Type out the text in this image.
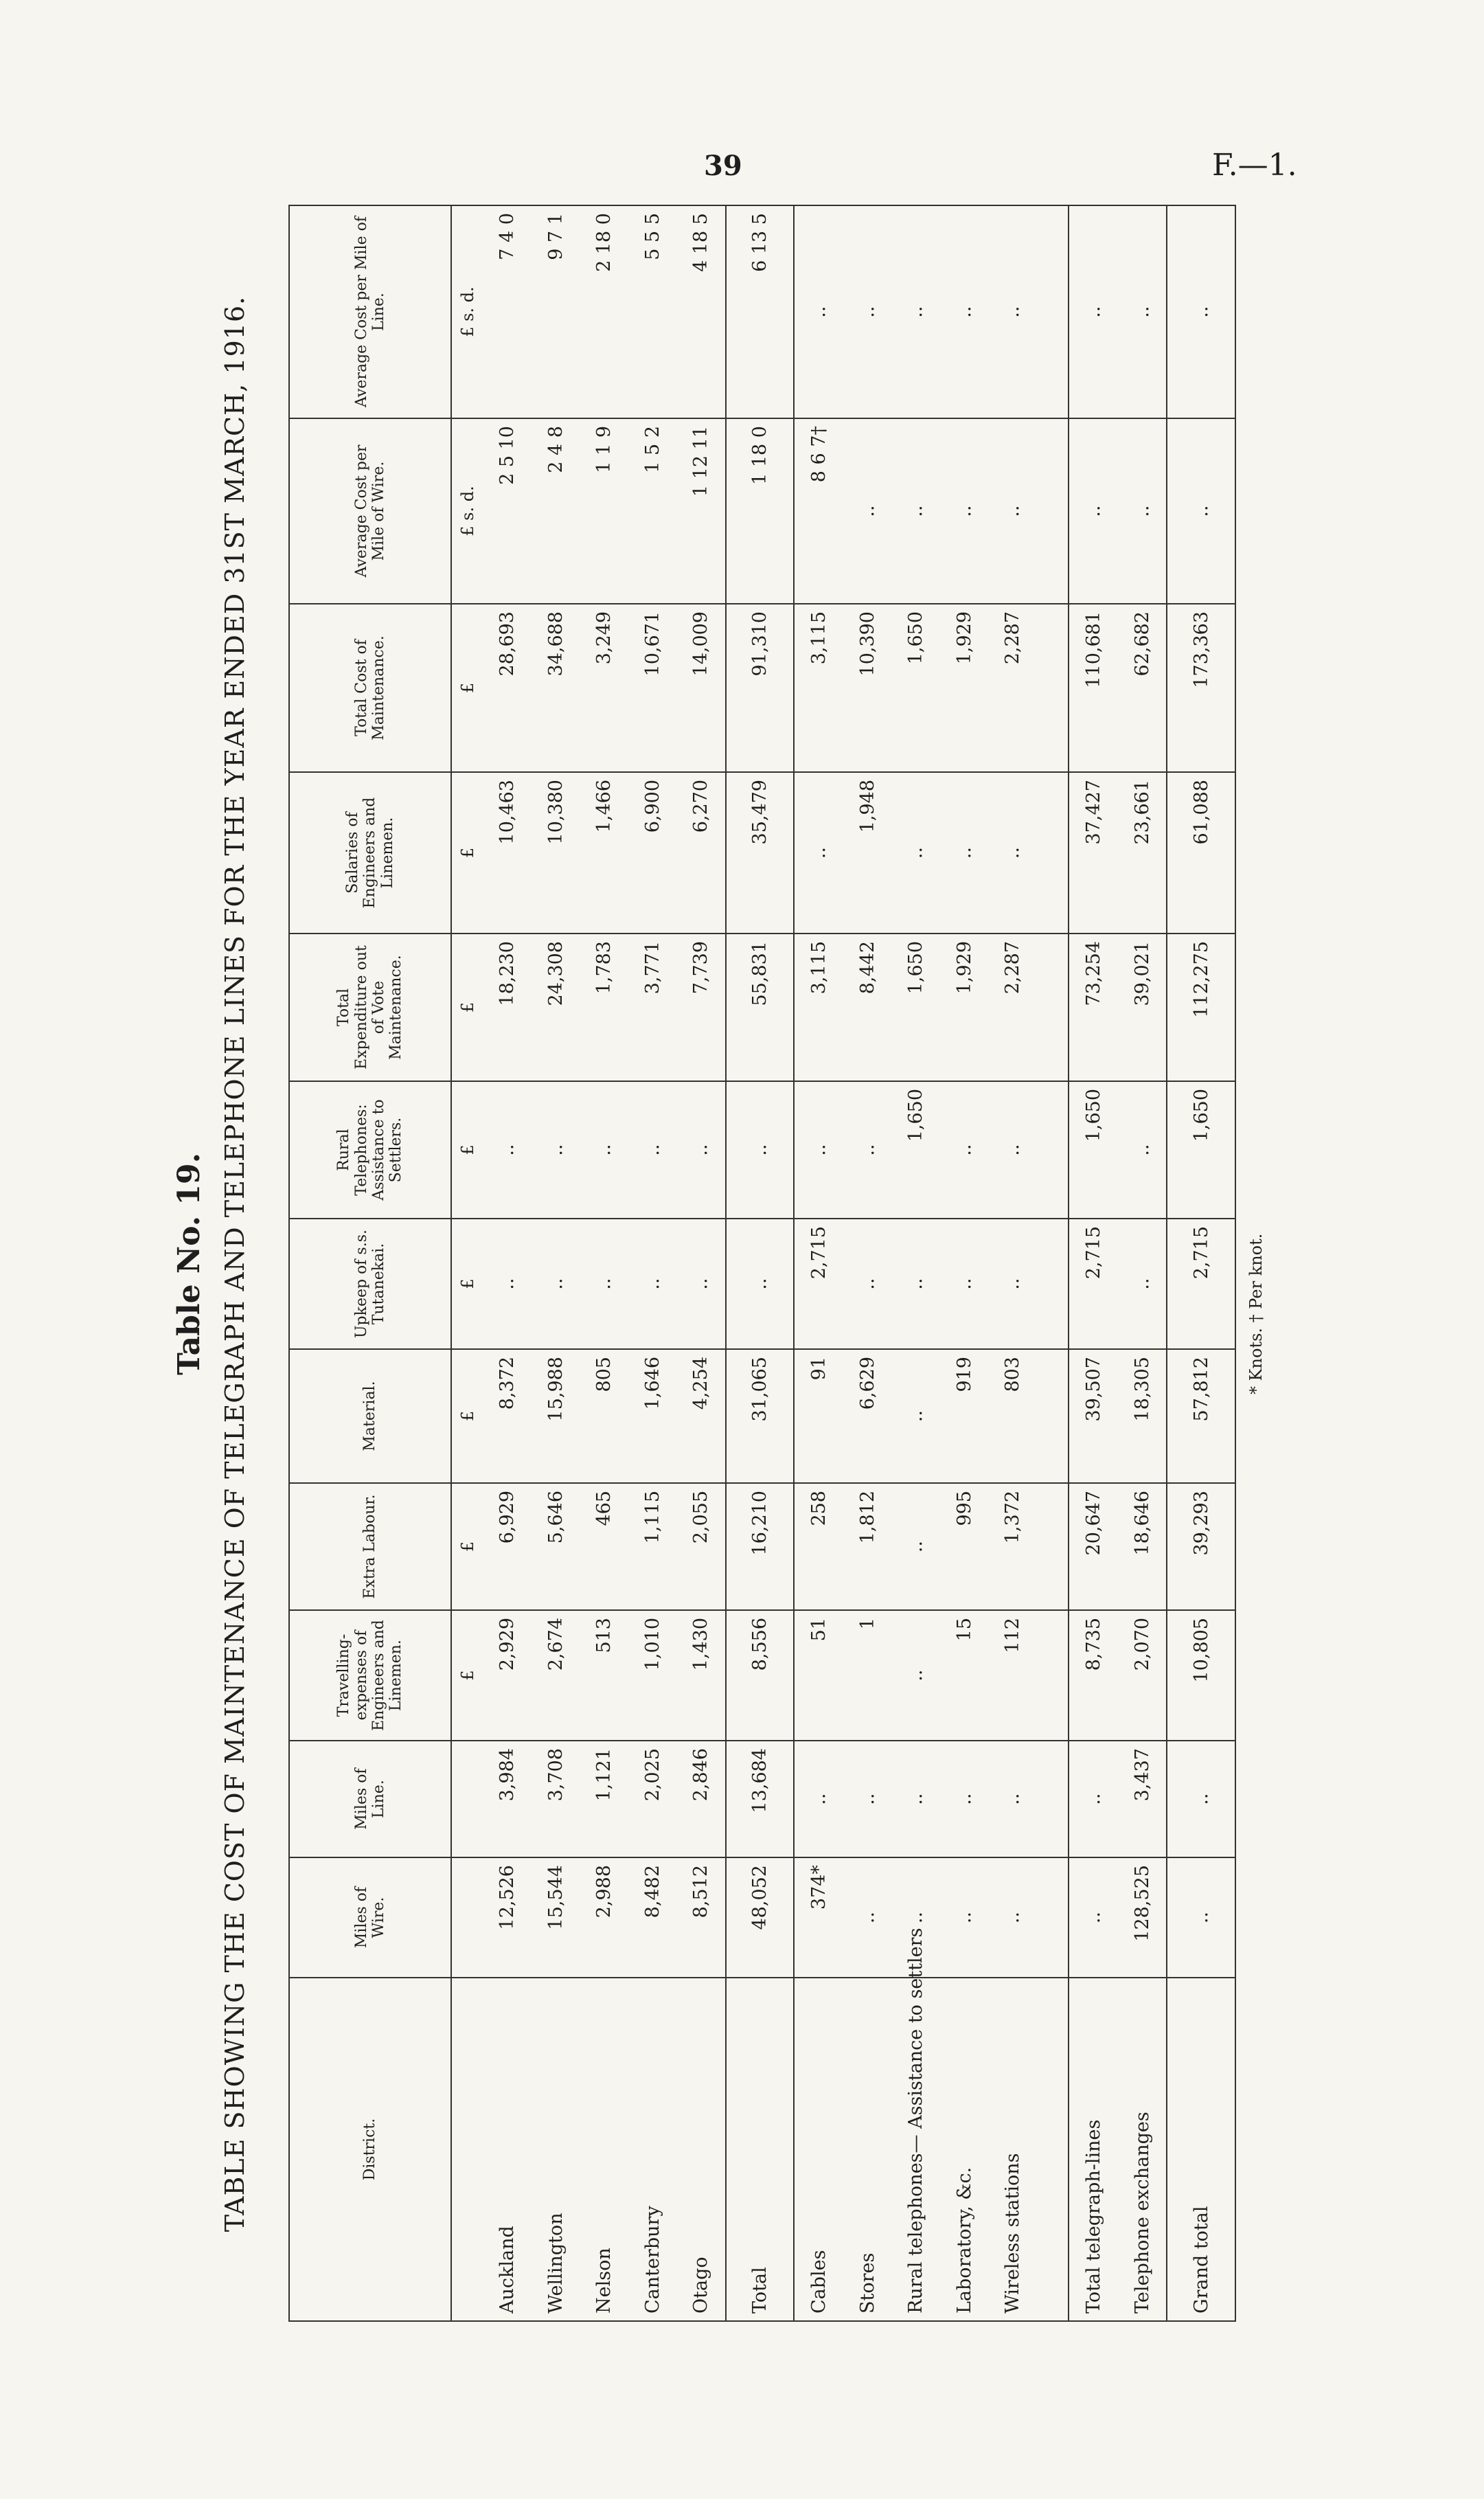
39	F.—1.
Table No. 19. TABLE SHOWING THE COST OF MAINTENANCE OF TELEGRAPH AND TELEPHONE LINES FOR THE YEAR ENDED 31ST MARCH, 1916.	District.	Miles of Wire.	Miles of Line.	Travelling-expenses of Engineers and Linemen.	Extra Labour.	Material.	Upkeep of s.s. Tutanekai.	Rural Telephones: Assistance to Settlers.	Total Expenditure out of Vote Maintenance.	Salaries of Engineers and Linemen.	Total Cost of Maintenance.	Average Cost per Mile of Wire.	Average Cost per Mile of Line.
			£	£	£	£	£	£	£	£	£ s. d.	£ s. d.
Auckland	12,526	3,984	2,929	6,929	8,372	..	..	18,230	10,463	28,693	2 5 10	7 4 0
Wellington	15,544	3,708	2,674	5,646	15,988	..	..	24,308	10,380	34,688	2 4 8	9 7 1
Nelson	2,988	1,121	513	465	805	..	..	1,783	1,466	3,249	1 1 9	2 18 0
Canterbury	8,482	2,025	1,010	1,115	1,646	..	..	3,771	6,900	10,671	1 5 2	5 5 5
Otago	8,512	2,846	1,430	2,055	4,254	..	..	7,739	6,270	14,009	1 12 11	4 18 5
Total	48,052	13,684	8,556	16,210	31,065	..	..	55,831	35,479	91,310	1 18 0	6 13 5
Cables	374*	..	51	258	91	2,715	..	3,115	..	3,115	8 6 7†	..
Stores	..	..	1	1,812	6,629	..	..	8,442	1,948	10,390	..	..
Rural telephones— Assistance to settlers	..	..	..	..	..	..	1,650	1,650	..	1,650	..	..
Laboratory, &c.	..	..	15	995	919	..	..	1,929	..	1,929	..	..
Wireless stations	..	..	112	1,372	803	..	..	2,287	..	2,287	..	..

Total telegraph-lines	..	..	8,735	20,647	39,507	2,715	1,650	73,254	37,427	110,681	..	..
Telephone exchanges	128,525	3,437	2,070	18,646	18,305	..	..	39,021	23,661	62,682	..	..
Grand total	..	..	10,805	39,293	57,812	2,715	1,650	112,275	61,088	173,363	..	..
* Knots. † Per knot.
